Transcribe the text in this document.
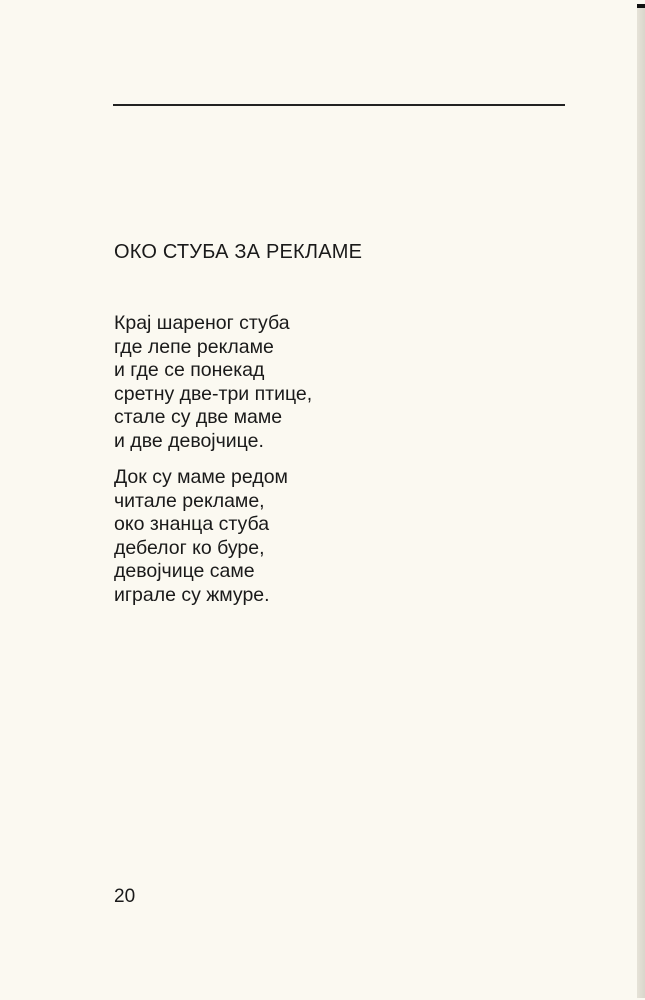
ОКО СТУБА ЗА РЕКЛАМЕ
Крај шареног стуба
где лепе рекламе
и где се понекад
сретну две-три птице,
стале су две маме
и две девојчице.
Док су маме редом
читале рекламе,
око знанца стуба
дебелог ко буре,
девојчице саме
играле су жмуре.
20
